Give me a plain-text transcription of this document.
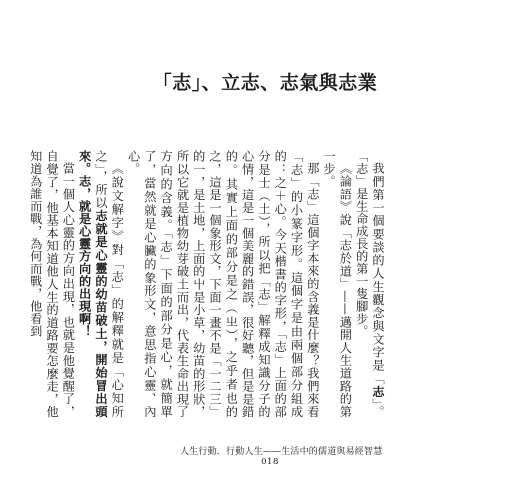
「志」、立志、志氣與志業

我們第一個要談的人生觀念與文字是「志」。「志」是生命成長的第一隻腳步。

《論語》說「志於道」——邁開人生道路的第一步。

那「志」這個字本來的含義是什麼？我們來看「志」的小篆字形。這個字是由兩個部分組成的：之＋心。今天楷書的字形，「志」上面的部分是士（土），所以把「志」解釋成知識分子的心情，這是一個美麗的錯誤，很好聽，但是是錯的。其實上面的部分是之（㞢），之乎者也的之，這是一個象形文，下面一畫不是「一二三」的一，是土地，上面的屮是小草，幼苗的形狀，所以它就是植物幼芽破土而出，代表生命出現了方向的含義。「志」下面的部分是心，就簡單了，當然就是心臟的象形文，意思指心靈、內心。

《說文解字》對「志」的解釋就是「心知所之」，所以志就是心靈的幼苗破土，開始冒出頭來。志，就是心靈方向的出現啊！

當一個人心靈的方向出現，也就是他覺醒了，自覺了，他基本知道他人生的道路要怎麼走，他知道為誰而戰，為何而戰，他看到

人生行動．行動人生——生活中的儒道與易經智慧
018
